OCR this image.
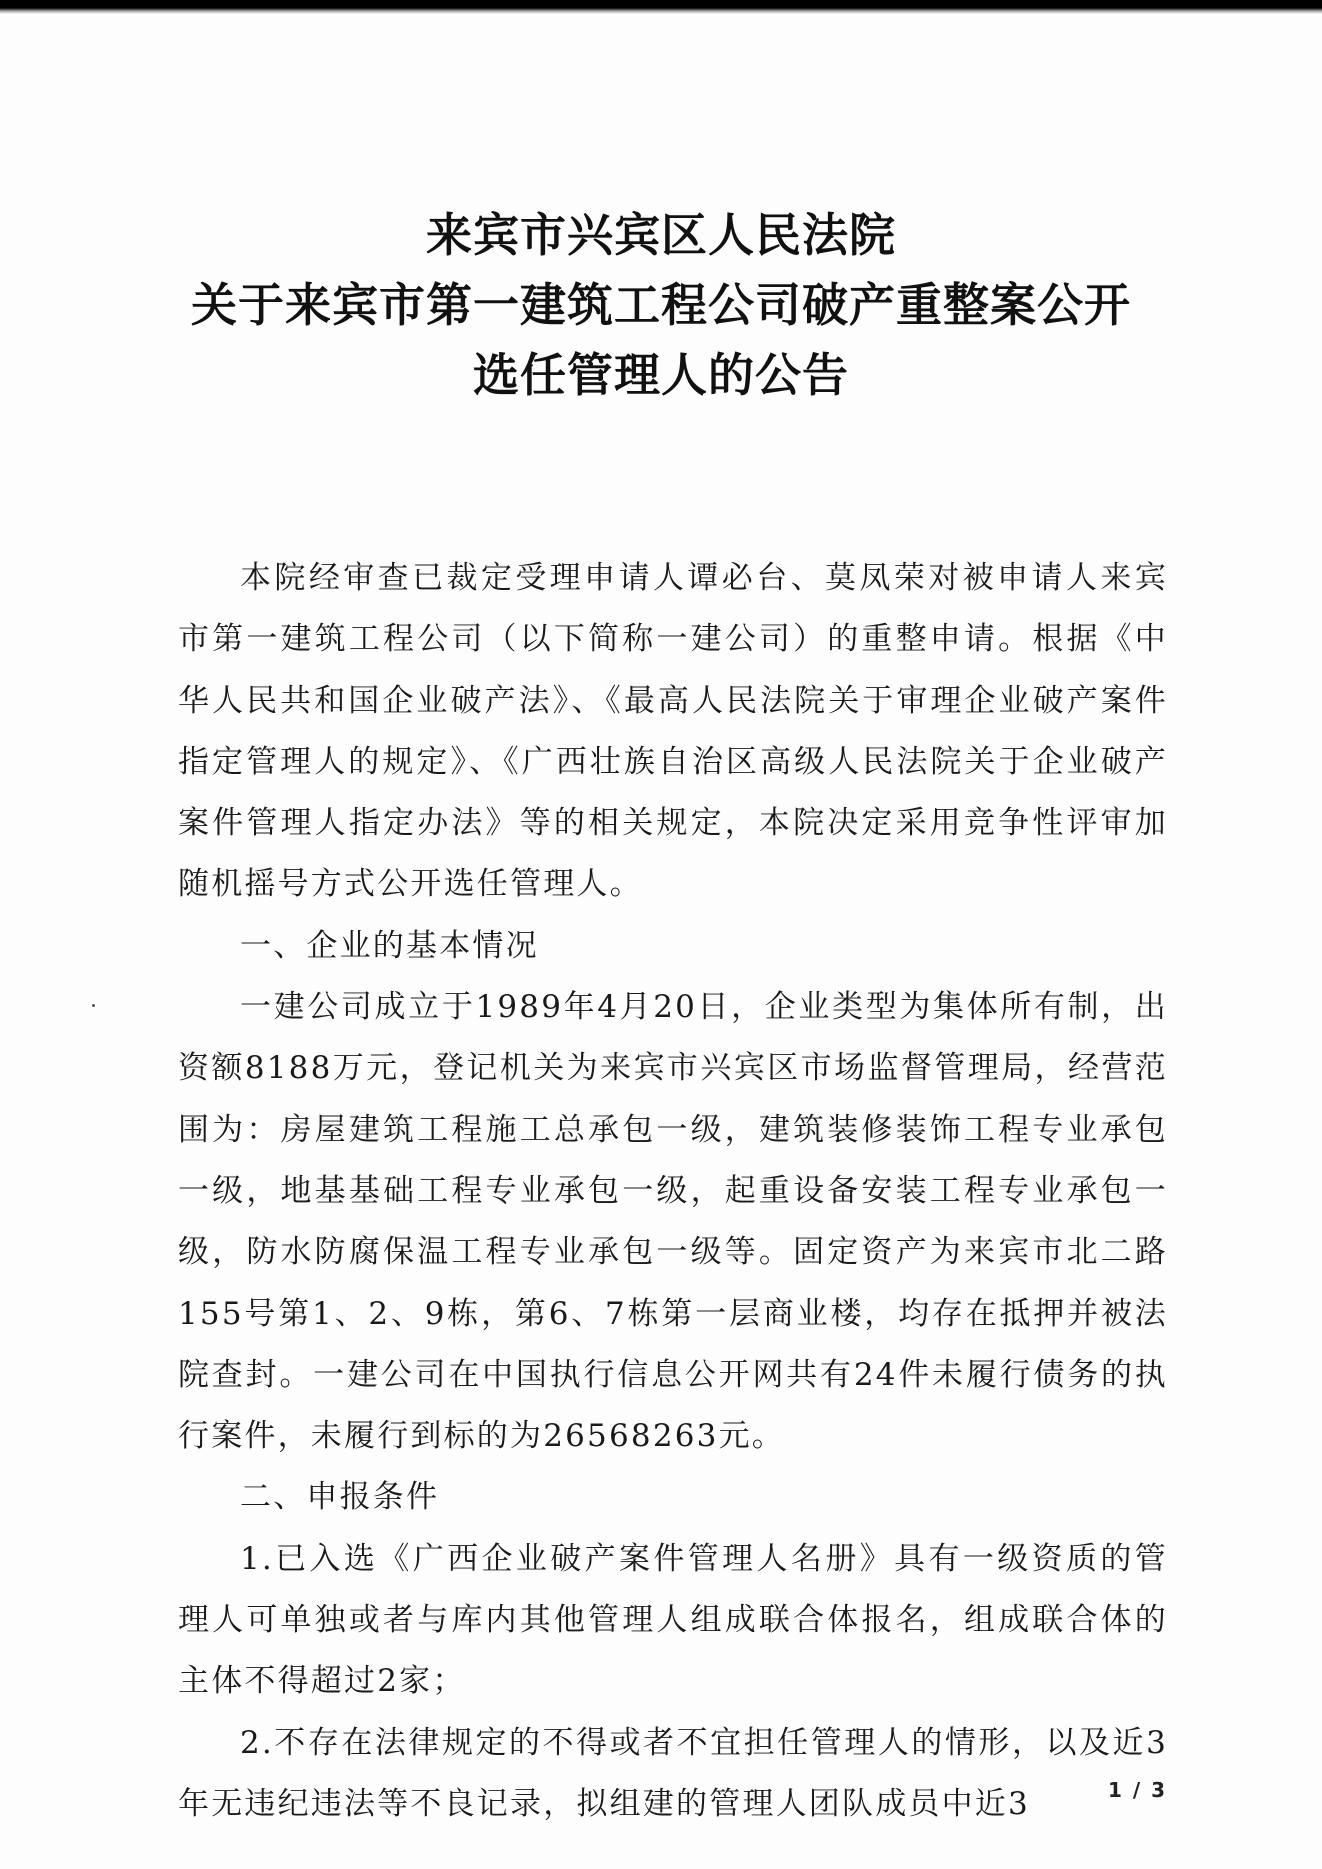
来宾市兴宾区人民法院
关于来宾市第一建筑工程公司破产重整案公开
选任管理人的公告

本院经审查已裁定受理申请人谭必台、莫凤荣对被申请人来宾市第一建筑工程公司（以下简称一建公司）的重整申请。根据《中华人民共和国企业破产法》、《最高人民法院关于审理企业破产案件指定管理人的规定》、《广西壮族自治区高级人民法院关于企业破产案件管理人指定办法》等的相关规定，本院决定采用竞争性评审加随机摇号方式公开选任管理人。

一、企业的基本情况

一建公司成立于1989年4月20日，企业类型为集体所有制，出资额8188万元，登记机关为来宾市兴宾区市场监督管理局，经营范围为：房屋建筑工程施工总承包一级，建筑装修装饰工程专业承包一级，地基基础工程专业承包一级，起重设备安装工程专业承包一级，防水防腐保温工程专业承包一级等。固定资产为来宾市北二路155号第1、2、9栋，第6、7栋第一层商业楼，均存在抵押并被法院查封。一建公司在中国执行信息公开网共有24件未履行债务的执行案件，未履行到标的为26568263元。

二、申报条件

1.已入选《广西企业破产案件管理人名册》具有一级资质的管理人可单独或者与库内其他管理人组成联合体报名，组成联合体的主体不得超过2家；

2.不存在法律规定的不得或者不宜担任管理人的情形，以及近3年无违纪违法等不良记录，拟组建的管理人团队成员中近3	1 / 3
